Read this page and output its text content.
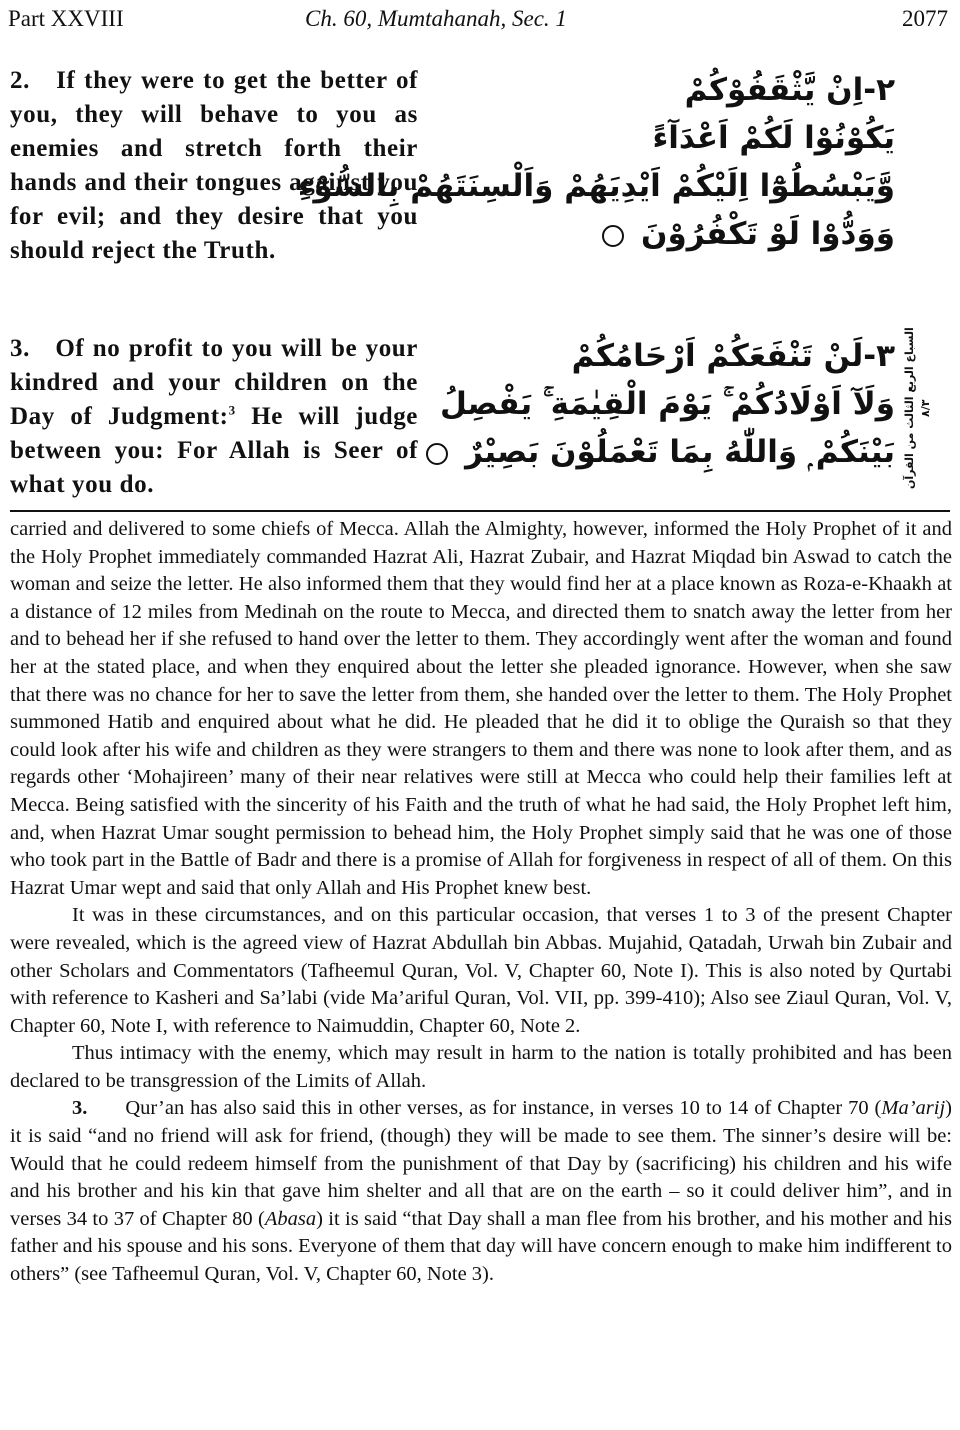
Part XXVIII	Ch. 60, Mumtahanah, Sec. 1	2077
2. If they were to get the better of you, they will behave to you as enemies and stretch forth their hands and their tongues against you for evil; and they desire that you should reject the Truth.
۲-اِنْ يَّثْقَفُوْكُمْ
يَكُوْنُوْا لَكُمْ اَعْدَآءً
وَّيَبْسُطُوْٓا اِلَيْكُمْ اَيْدِيَهُمْ وَاَلْسِنَتَهُمْ بِالسُّوْٓءِ
وَوَدُّوْا لَوْ تَكْفُرُوْنَ
3. Of no profit to you will be your kindred and your children on the Day of Judgment:$^3$ He will judge between you: For Allah is Seer of what you do.
۳-لَنْ تَنْفَعَكُمْ اَرْحَامُكُمْ
وَلَآ اَوْلَادُكُمْ ۚ يَوْمَ الْقِيٰمَةِ ۚ يَفْصِلُ
بَيْنَكُمْ ۭ وَاللّٰهُ بِمَا تَعْمَلُوْنَ بَصِيْرٌ السباع الربع الثالث من القرآن ٨/٣

carried and delivered to some chiefs of Mecca. Allah the Almighty, however, informed the Holy Prophet of it and the Holy Prophet immediately commanded Hazrat Ali, Hazrat Zubair, and Hazrat Miqdad bin Aswad to catch the woman and seize the letter. He also informed them that they would find her at a place known as Roza-e-Khaakh at a distance of 12 miles from Medinah on the route to Mecca, and directed them to snatch away the letter from her and to behead her if she refused to hand over the letter to them. They accordingly went after the woman and found her at the stated place, and when they enquired about the letter she pleaded ignorance. However, when she saw that there was no chance for her to save the letter from them, she handed over the letter to them. The Holy Prophet summoned Hatib and enquired about what he did. He pleaded that he did it to oblige the Quraish so that they could look after his wife and children as they were strangers to them and there was none to look after them, and as regards other ‘Mohajireen’ many of their near relatives were still at Mecca who could help their families left at Mecca. Being satisfied with the sincerity of his Faith and the truth of what he had said, the Holy Prophet left him, and, when Hazrat Umar sought permission to behead him, the Holy Prophet simply said that he was one of those who took part in the Battle of Badr and there is a promise of Allah for forgiveness in respect of all of them. On this Hazrat Umar wept and said that only Allah and His Prophet knew best.

It was in these circumstances, and on this particular occasion, that verses 1 to 3 of the present Chapter were revealed, which is the agreed view of Hazrat Abdullah bin Abbas. Mujahid, Qatadah, Urwah bin Zubair and other Scholars and Commentators (Tafheemul Quran, Vol. V, Chapter 60, Note I). This is also noted by Qurtabi with reference to Kasheri and Sa’labi (vide Ma’ariful Quran, Vol. VII, pp. 399-410); Also see Ziaul Quran, Vol. V, Chapter 60, Note I, with reference to Naimuddin, Chapter 60, Note 2.

Thus intimacy with the enemy, which may result in harm to the nation is totally prohibited and has been declared to be transgression of the Limits of Allah.

3. Qur’an has also said this in other verses, as for instance, in verses 10 to 14 of Chapter 70 (Ma’arij) it is said “and no friend will ask for friend, (though) they will be made to see them. The sinner’s desire will be: Would that he could redeem himself from the punishment of that Day by (sacrificing) his children and his wife and his brother and his kin that gave him shelter and all that are on the earth – so it could deliver him”, and in verses 34 to 37 of Chapter 80 (Abasa) it is said “that Day shall a man flee from his brother, and his mother and his father and his spouse and his sons. Everyone of them that day will have concern enough to make him indifferent to others” (see Tafheemul Quran, Vol. V, Chapter 60, Note 3).
